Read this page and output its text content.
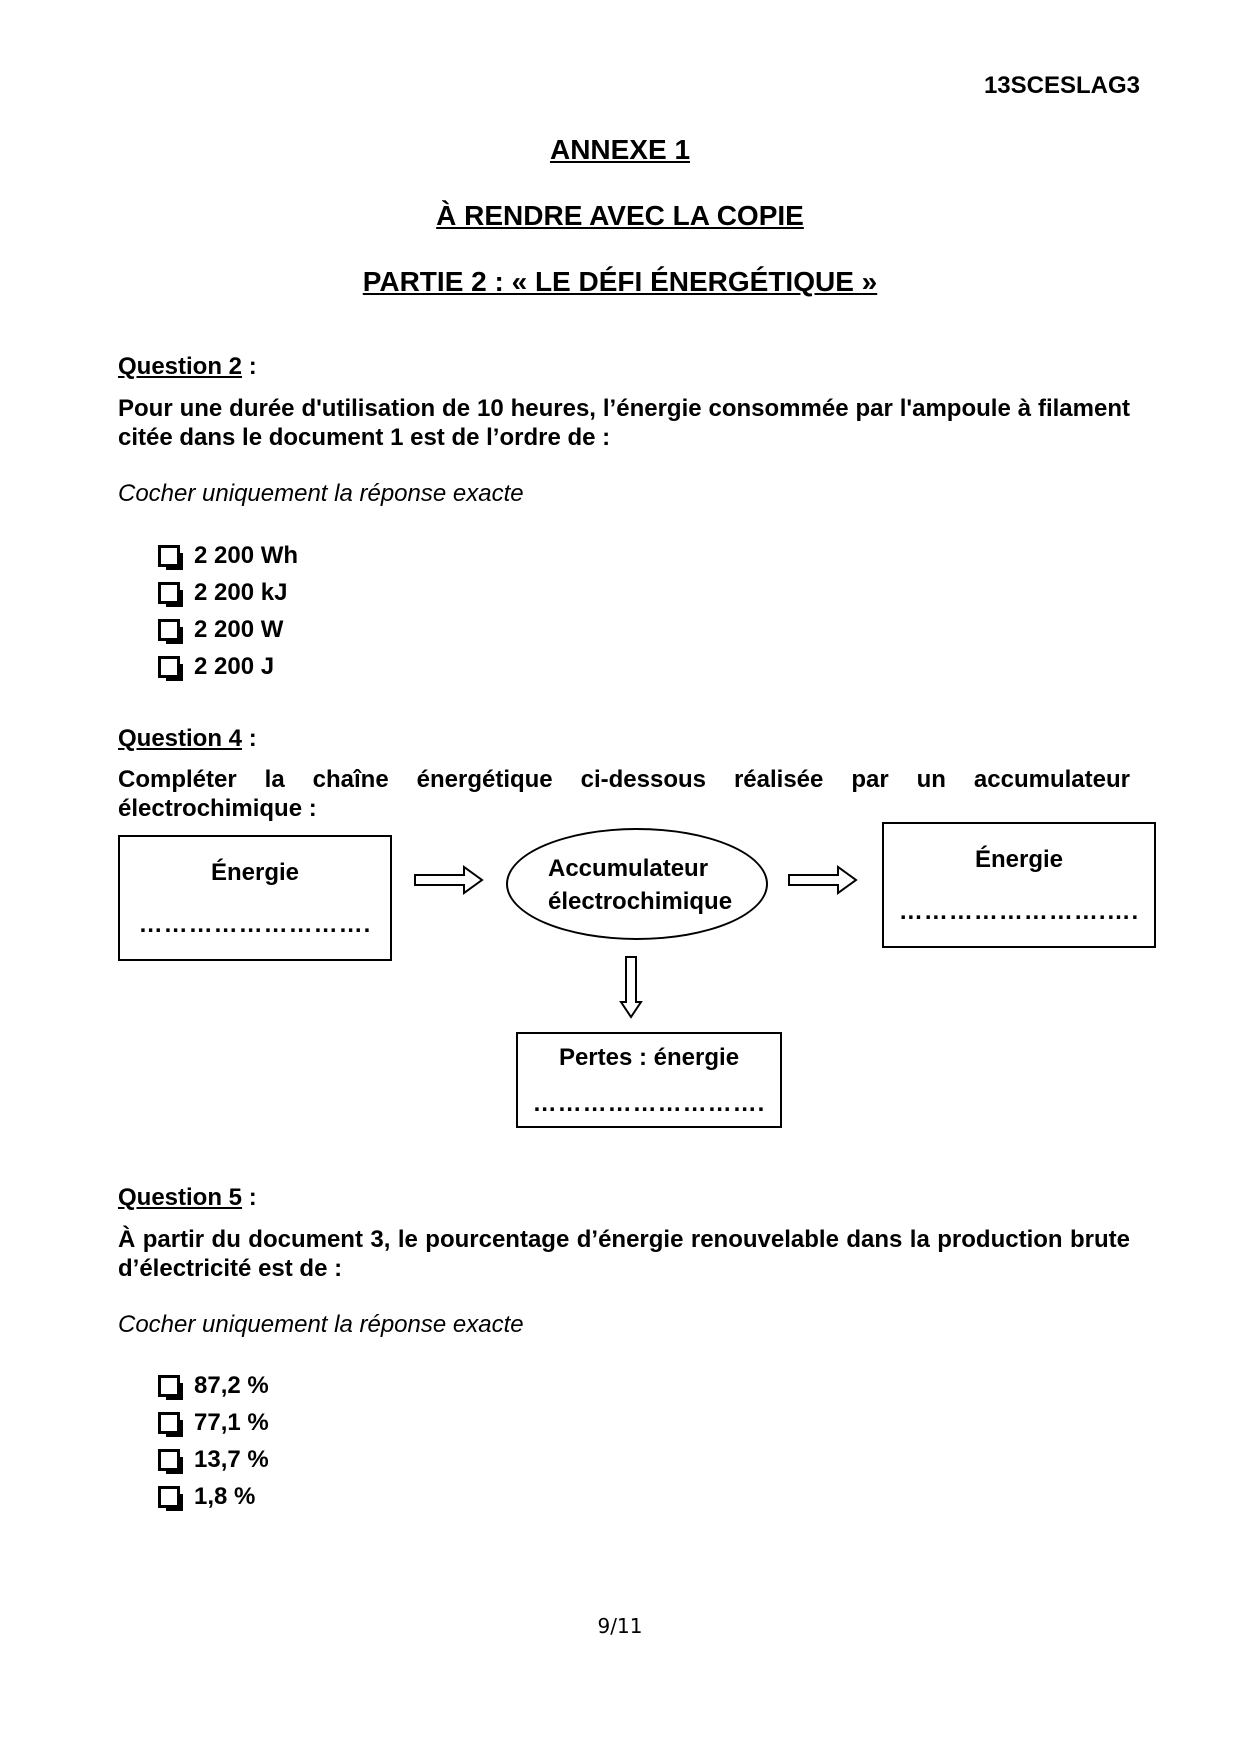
13SCESLAG3
ANNEXE 1
À RENDRE AVEC LA COPIE
PARTIE 2 : « LE DÉFI ÉNERGÉTIQUE »
Question 2 :
Pour une durée d'utilisation de 10 heures, l’énergie consommée par l'ampoule à filament citée dans le document 1 est de l’ordre de :
Cocher uniquement la réponse exacte
2 200 Wh
2 200 kJ
2 200 W
2 200 J
Question 4 :
Compléter la chaîne énergétique ci-dessous réalisée par un accumulateur électrochimique :
Énergie
……………………….
Accumulateur
électrochimique
Énergie
…………………….….
Pertes : énergie
……………………….
Question 5 :
À partir du document 3, le pourcentage d’énergie renouvelable dans la production brute d’électricité est de :
Cocher uniquement la réponse exacte
87,2 %
77,1 %
13,7 %
1,8 %
9/11
